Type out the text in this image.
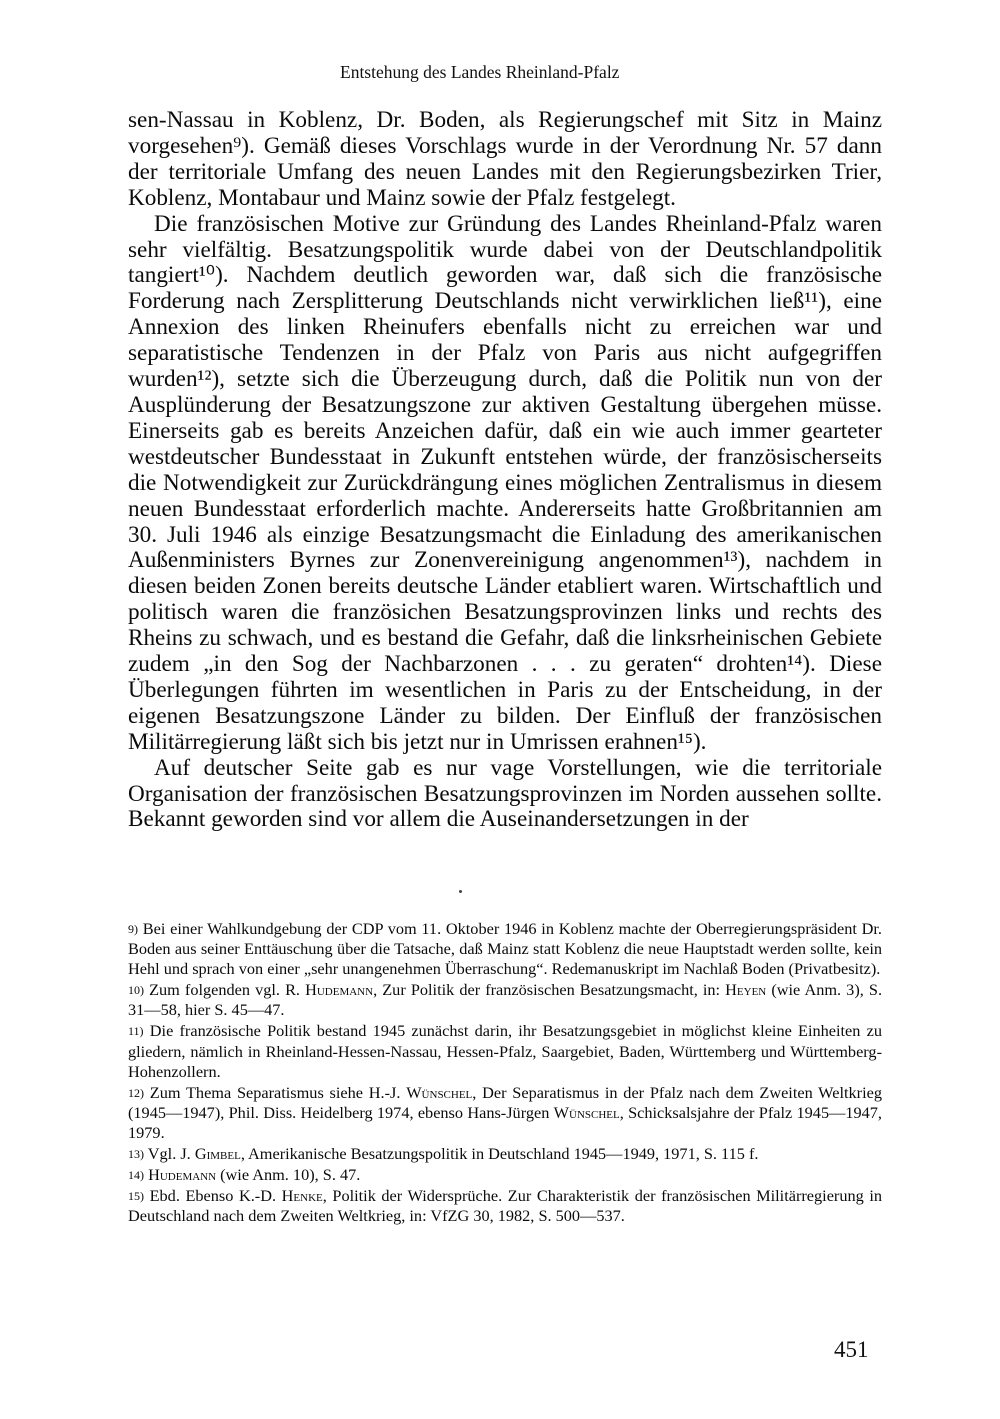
Entstehung des Landes Rheinland-Pfalz

sen-Nassau in Koblenz, Dr. Boden, als Regierungschef mit Sitz in Mainz vorgesehen⁹). Gemäß dieses Vorschlags wurde in der Verordnung Nr. 57 dann der territoriale Umfang des neuen Landes mit den Regierungsbezirken Trier, Koblenz, Montabaur und Mainz sowie der Pfalz festgelegt.

Die französischen Motive zur Gründung des Landes Rheinland-Pfalz waren sehr vielfältig. Besatzungspolitik wurde dabei von der Deutschlandpolitik tangiert¹⁰). Nachdem deutlich geworden war, daß sich die französische Forderung nach Zersplitterung Deutschlands nicht verwirklichen ließ¹¹), eine Annexion des linken Rheinufers ebenfalls nicht zu erreichen war und separatistische Tendenzen in der Pfalz von Paris aus nicht aufgegriffen wurden¹²), setzte sich die Überzeugung durch, daß die Politik nun von der Ausplünderung der Besatzungszone zur aktiven Gestaltung übergehen müsse. Einerseits gab es bereits Anzeichen dafür, daß ein wie auch immer gearteter westdeutscher Bundesstaat in Zukunft entstehen würde, der französischerseits die Notwendigkeit zur Zurückdrängung eines möglichen Zentralismus in diesem neuen Bundesstaat erforderlich machte. Andererseits hatte Großbritannien am 30. Juli 1946 als einzige Besatzungsmacht die Einladung des amerikanischen Außenministers Byrnes zur Zonenvereinigung angenommen¹³), nachdem in diesen beiden Zonen bereits deutsche Länder etabliert waren. Wirtschaftlich und politisch waren die französichen Besatzungsprovinzen links und rechts des Rheins zu schwach, und es bestand die Gefahr, daß die linksrheinischen Gebiete zudem „in den Sog der Nachbarzonen . . . zu geraten“ drohten¹⁴). Diese Überlegungen führten im wesentlichen in Paris zu der Entscheidung, in der eigenen Besatzungszone Länder zu bilden. Der Einfluß der französischen Militärregierung läßt sich bis jetzt nur in Umrissen erahnen¹⁵).

Auf deutscher Seite gab es nur vage Vorstellungen, wie die territoriale Organisation der französischen Besatzungsprovinzen im Norden aussehen sollte. Bekannt geworden sind vor allem die Auseinandersetzungen in der

$^{9)}$ Bei einer Wahlkundgebung der CDP vom 11. Oktober 1946 in Koblenz machte der Oberregierungspräsident Dr. Boden aus seiner Enttäuschung über die Tatsache, daß Mainz statt Koblenz die neue Hauptstadt werden sollte, kein Hehl und sprach von einer „sehr unangenehmen Überraschung“. Redemanuskript im Nachlaß Boden (Privatbesitz).
$^{10)}$ Zum folgenden vgl. R. Hudemann, Zur Politik der französischen Besatzungsmacht, in: Heyen (wie Anm. 3), S. 31—58, hier S. 45—47.
$^{11)}$ Die französische Politik bestand 1945 zunächst darin, ihr Besatzungsgebiet in möglichst kleine Einheiten zu gliedern, nämlich in Rheinland-Hessen-Nassau, Hessen-Pfalz, Saargebiet, Baden, Württemberg und Württemberg-Hohenzollern.
$^{12)}$ Zum Thema Separatismus siehe H.-J. Wünschel, Der Separatismus in der Pfalz nach dem Zweiten Weltkrieg (1945—1947), Phil. Diss. Heidelberg 1974, ebenso Hans-Jürgen Wünschel, Schicksalsjahre der Pfalz 1945—1947, 1979.
$^{13)}$ Vgl. J. Gimbel, Amerikanische Besatzungspolitik in Deutschland 1945—1949, 1971, S. 115 f.
$^{14)}$ Hudemann (wie Anm. 10), S. 47.
$^{15)}$ Ebd. Ebenso K.-D. Henke, Politik der Widersprüche. Zur Charakteristik der französischen Militärregierung in Deutschland nach dem Zweiten Weltkrieg, in: VfZG 30, 1982, S. 500—537.
451
